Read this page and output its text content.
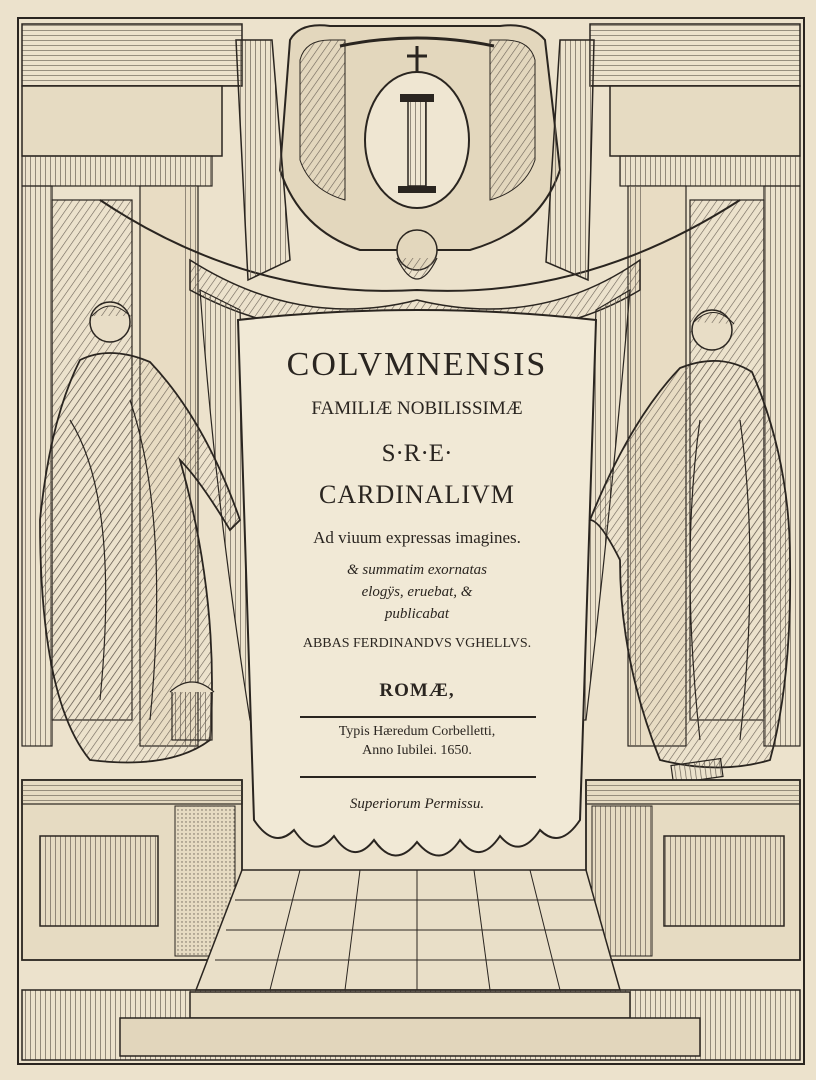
COLVMNENSIS
FAMILIÆ NOBILISSIMÆ
S·R·E·
CARDINALIVM
Ad viuum expressas imagines.
& summatim exornatas
elogÿs, eruebat, &
publicabat
ABBAS FERDINANDVS VGHELLVS.
ROMÆ,
Typis Hæredum Corbelletti,
Anno Iubilei. 1650.
Superiorum Permissu.
